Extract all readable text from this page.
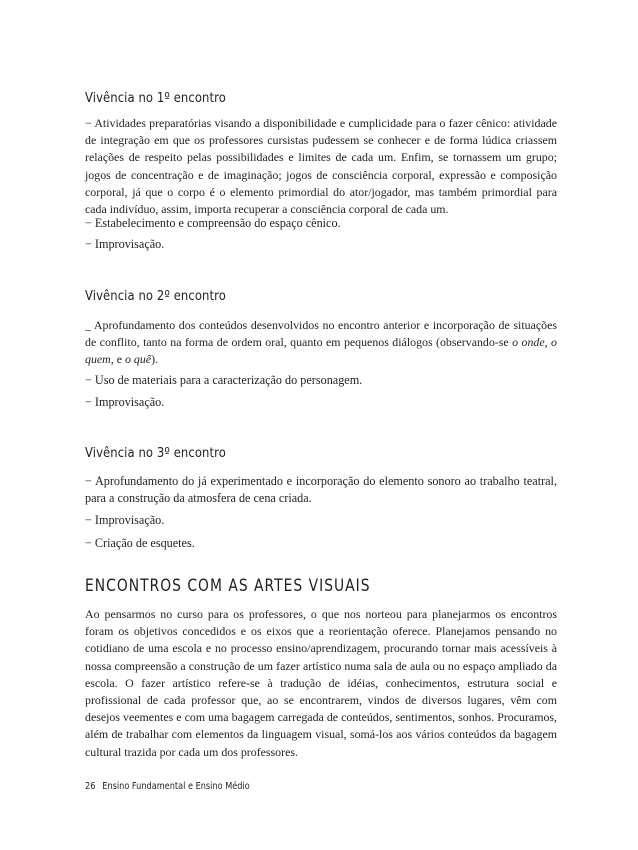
Vivência no 1º encontro

− Atividades preparatórias visando a disponibilidade e cumplicidade para o fazer cênico: atividade de integração em que os professores cursistas pudessem se conhecer e de forma lúdica criassem relações de respeito pelas possibilidades e limites de cada um. Enfim, se tornassem um grupo; jogos de concentração e de imaginação; jogos de consciência corporal, expressão e composição corporal, já que o corpo é o elemento primordial do ator/jogador, mas também primordial para cada indivíduo, assim, importa recuperar a consciência corporal de cada um.

− Estabelecimento e compreensão do espaço cênico.

− Improvisação.

Vivência no 2º encontro

_ Aprofundamento dos conteúdos desenvolvidos no encontro anterior e incorporação de situações de conflito, tanto na forma de ordem oral, quanto em pequenos diálogos (observando-se o onde, o quem, e o quê).

− Uso de materiais para a caracterização do personagem.

− Improvisação.

Vivência no 3º encontro

− Aprofundamento do já experimentado e incorporação do elemento sonoro ao trabalho teatral, para a construção da atmosfera de cena criada.

− Improvisação.

− Criação de esquetes.

ENCONTROS COM AS ARTES VISUAIS

Ao pensarmos no curso para os professores, o que nos norteou para planejarmos os encontros foram os objetivos concedidos e os eixos que a reorientação oferece. Planejamos pensando no cotidiano de uma escola e no processo ensino/aprendizagem, procurando tornar mais acessíveis à nossa compreensão a construção de um fazer artístico numa sala de aula ou no espaço ampliado da escola. O fazer artístico refere-se à tradução de idéias, conhecimentos, estrutura social e profissional de cada professor que, ao se encontrarem, vindos de diversos lugares, vêm com desejos veementes e com uma bagagem carregada de conteúdos, sentimentos, sonhos. Procuramos, além de trabalhar com elementos da linguagem visual, somá-los aos vários conteúdos da bagagem cultural trazida por cada um dos professores.

26 Ensino Fundamental e Ensino Médio
